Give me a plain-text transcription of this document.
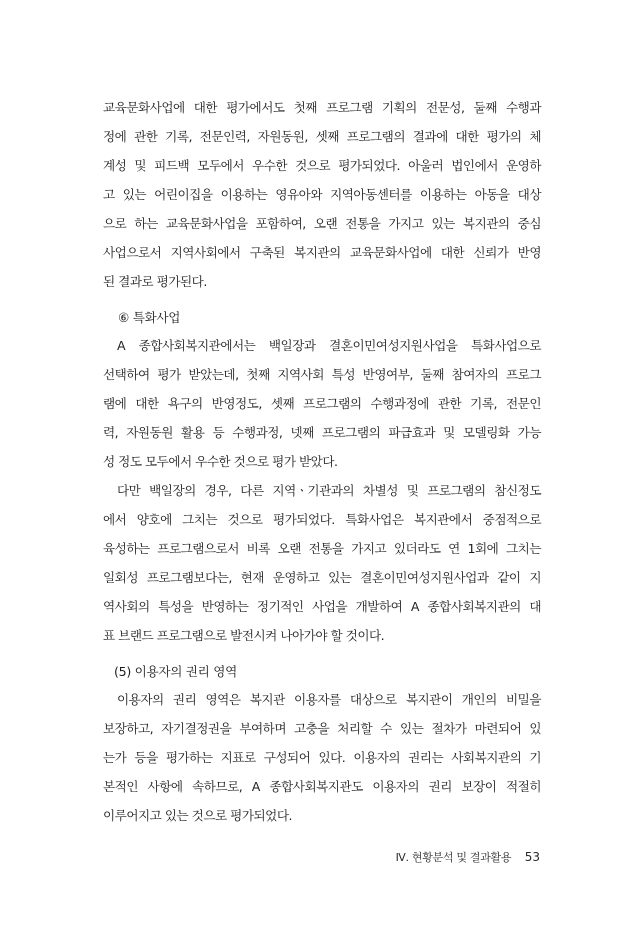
교육문화사업에 대한 평가에서도 첫째 프로그램 기획의 전문성, 둘째 수행과
정에 관한 기록, 전문인력, 자원동원, 셋째 프로그램의 결과에 대한 평가의 체
계성 및 피드백 모두에서 우수한 것으로 평가되었다. 아울러 법인에서 운영하
고 있는 어린이집을 이용하는 영유아와 지역아동센터를 이용하는 아동을 대상
으로 하는 교육문화사업을 포함하여, 오랜 전통을 가지고 있는 복지관의 중심
사업으로서 지역사회에서 구축된 복지관의 교육문화사업에 대한 신뢰가 반영
된 결과로 평가된다.
⑥ 특화사업
A 종합사회복지관에서는 백일장과 결혼이민여성지원사업을 특화사업으로
선택하여 평가 받았는데, 첫째 지역사회 특성 반영여부, 둘째 참여자의 프로그
램에 대한 욕구의 반영정도, 셋째 프로그램의 수행과정에 관한 기록, 전문인
력, 자원동원 활용 등 수행과정, 넷째 프로그램의 파급효과 및 모델링화 가능
성 정도 모두에서 우수한 것으로 평가 받았다.
다만 백일장의 경우, 다른 지역ㆍ기관과의 차별성 및 프로그램의 참신정도
에서 양호에 그치는 것으로 평가되었다. 특화사업은 복지관에서 중점적으로
육성하는 프로그램으로서 비록 오랜 전통을 가지고 있더라도 연 1회에 그치는
일회성 프로그램보다는, 현재 운영하고 있는 결혼이민여성지원사업과 같이 지
역사회의 특성을 반영하는 정기적인 사업을 개발하여 A 종합사회복지관의 대
표 브랜드 프로그램으로 발전시켜 나아가야 할 것이다.
(5) 이용자의 권리 영역
이용자의 권리 영역은 복지관 이용자를 대상으로 복지관이 개인의 비밀을
보장하고, 자기결정권을 부여하며 고충을 처리할 수 있는 절차가 마련되어 있
는가 등을 평가하는 지표로 구성되어 있다. 이용자의 권리는 사회복지관의 기
본적인 사항에 속하므로, A 종합사회복지관도 이용자의 권리 보장이 적절히
이루어지고 있는 것으로 평가되었다.
Ⅳ. 현황분석 및 결과활용 53
